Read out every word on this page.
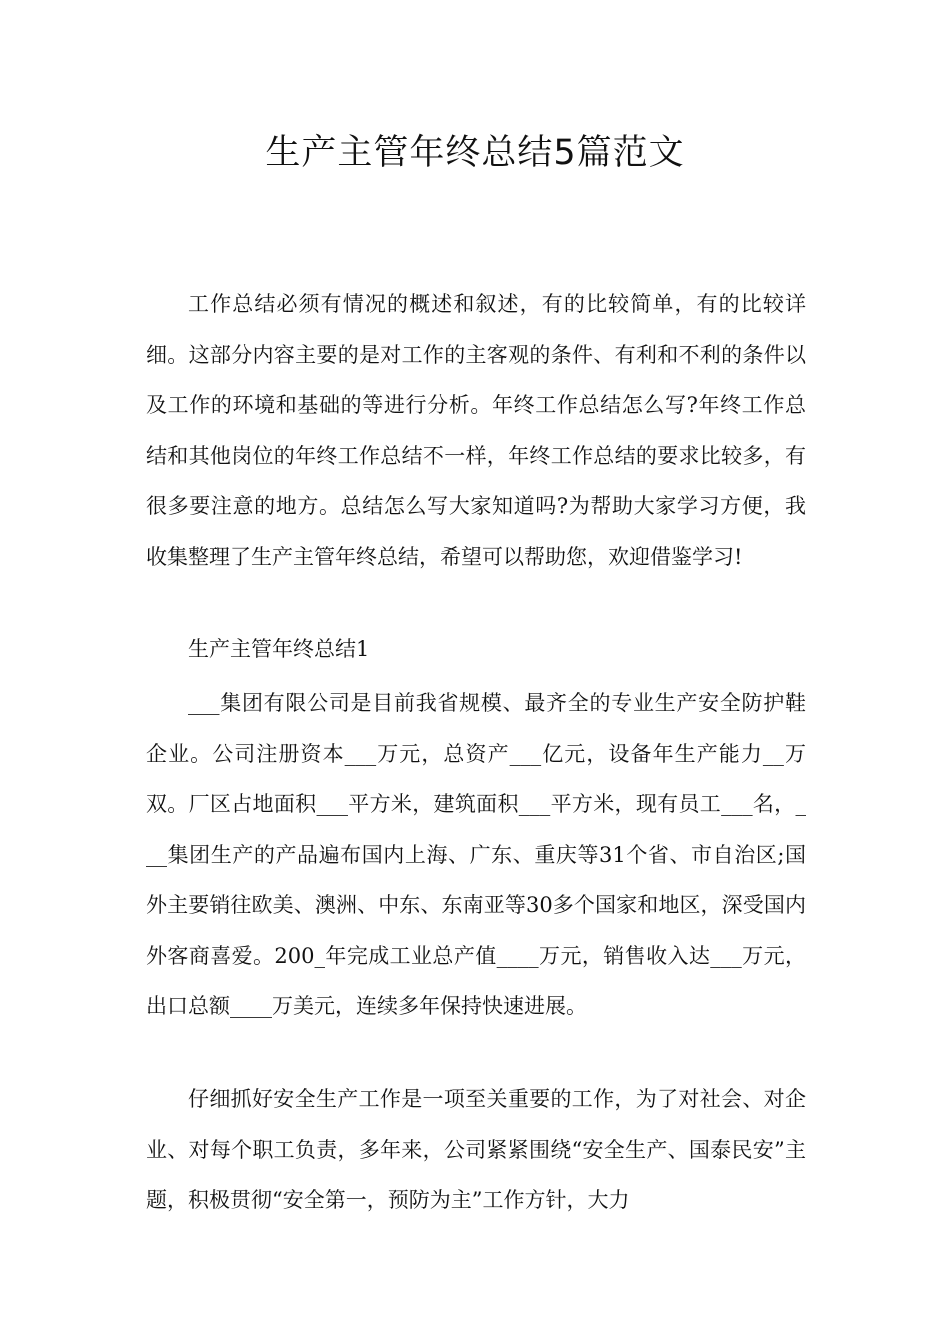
生产主管年终总结5篇范文

工作总结必须有情况的概述和叙述，有的比较简单，有的比较详细。这部分内容主要的是对工作的主客观的条件、有利和不利的条件以及工作的环境和基础的等进行分析。年终工作总结怎么写?年终工作总结和其他岗位的年终工作总结不一样，年终工作总结的要求比较多，有很多要注意的地方。总结怎么写大家知道吗?为帮助大家学习方便，我收集整理了生产主管年终总结，希望可以帮助您，欢迎借鉴学习!

生产主管年终总结1

___集团有限公司是目前我省规模、最齐全的专业生产安全防护鞋企业。公司注册资本___万元，总资产___亿元，设备年生产能力__万双。厂区占地面积___平方米，建筑面积___平方米，现有员工___名，___集团生产的产品遍布国内上海、广东、重庆等31个省、市自治区;国外主要销往欧美、澳洲、中东、东南亚等30多个国家和地区，深受国内外客商喜爱。200_年完成工业总产值____万元，销售收入达___万元，出口总额____万美元，连续多年保持快速进展。

仔细抓好安全生产工作是一项至关重要的工作，为了对社会、对企业、对每个职工负责，多年来，公司紧紧围绕“安全生产、国泰民安”主题，积极贯彻“安全第一，预防为主”工作方针，大力
